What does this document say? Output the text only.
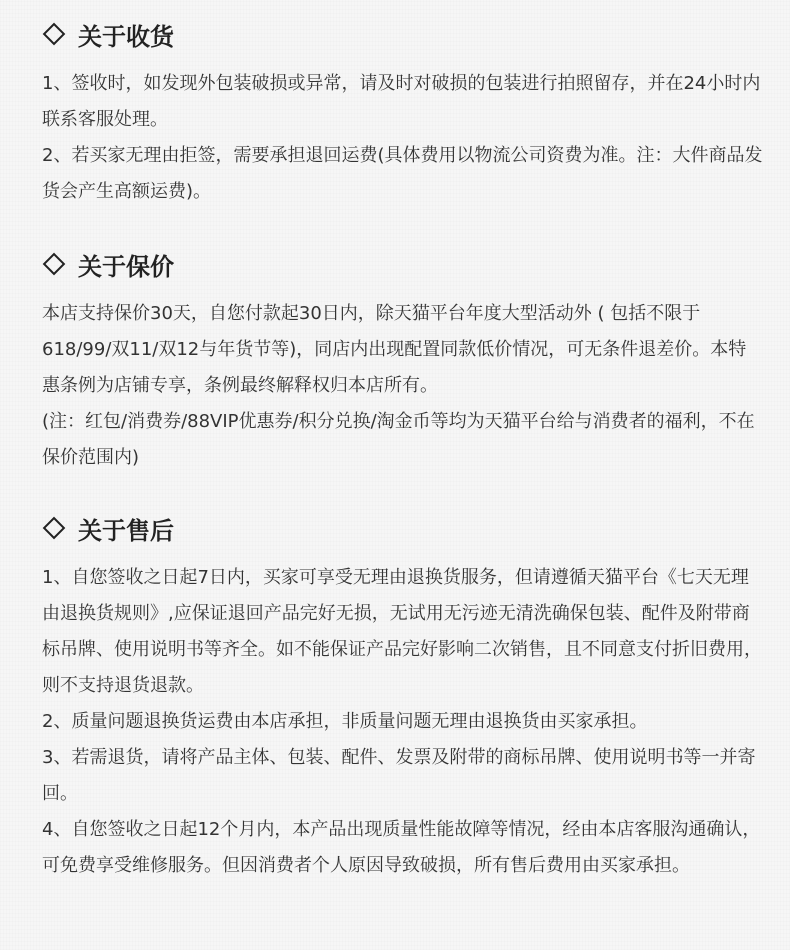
关于收货

1、签收时，如发现外包装破损或异常，请及时对破损的包装进行拍照留存，并在24小时内联系客服处理。

2、若买家无理由拒签，需要承担退回运费(具体费用以物流公司资费为准。注：大件商品发货会产生高额运费)。

关于保价

本店支持保价30天，自您付款起30日内，除天猫平台年度大型活动外 ( 包括不限于618/99/双11/双12与年货节等)，同店内出现配置同款低价情况，可无条件退差价。本特惠条例为店铺专享，条例最终解释权归本店所有。

(注：红包/消费券/88VIP优惠券/积分兑换/淘金币等均为天猫平台给与消费者的福利，不在保价范围内)

关于售后

1、自您签收之日起7日内，买家可享受无理由退换货服务，但请遵循天猫平台《七天无理由退换货规则》,应保证退回产品完好无损，无试用无污迹无清洗确保包装、配件及附带商标吊牌、使用说明书等齐全。如不能保证产品完好影响二次销售，且不同意支付折旧费用，则不支持退货退款。

2、质量问题退换货运费由本店承担，非质量问题无理由退换货由买家承担。

3、若需退货，请将产品主体、包装、配件、发票及附带的商标吊牌、使用说明书等一并寄回。

4、自您签收之日起12个月内，本产品出现质量性能故障等情况，经由本店客服沟通确认，可免费享受维修服务。但因消费者个人原因导致破损，所有售后费用由买家承担。
